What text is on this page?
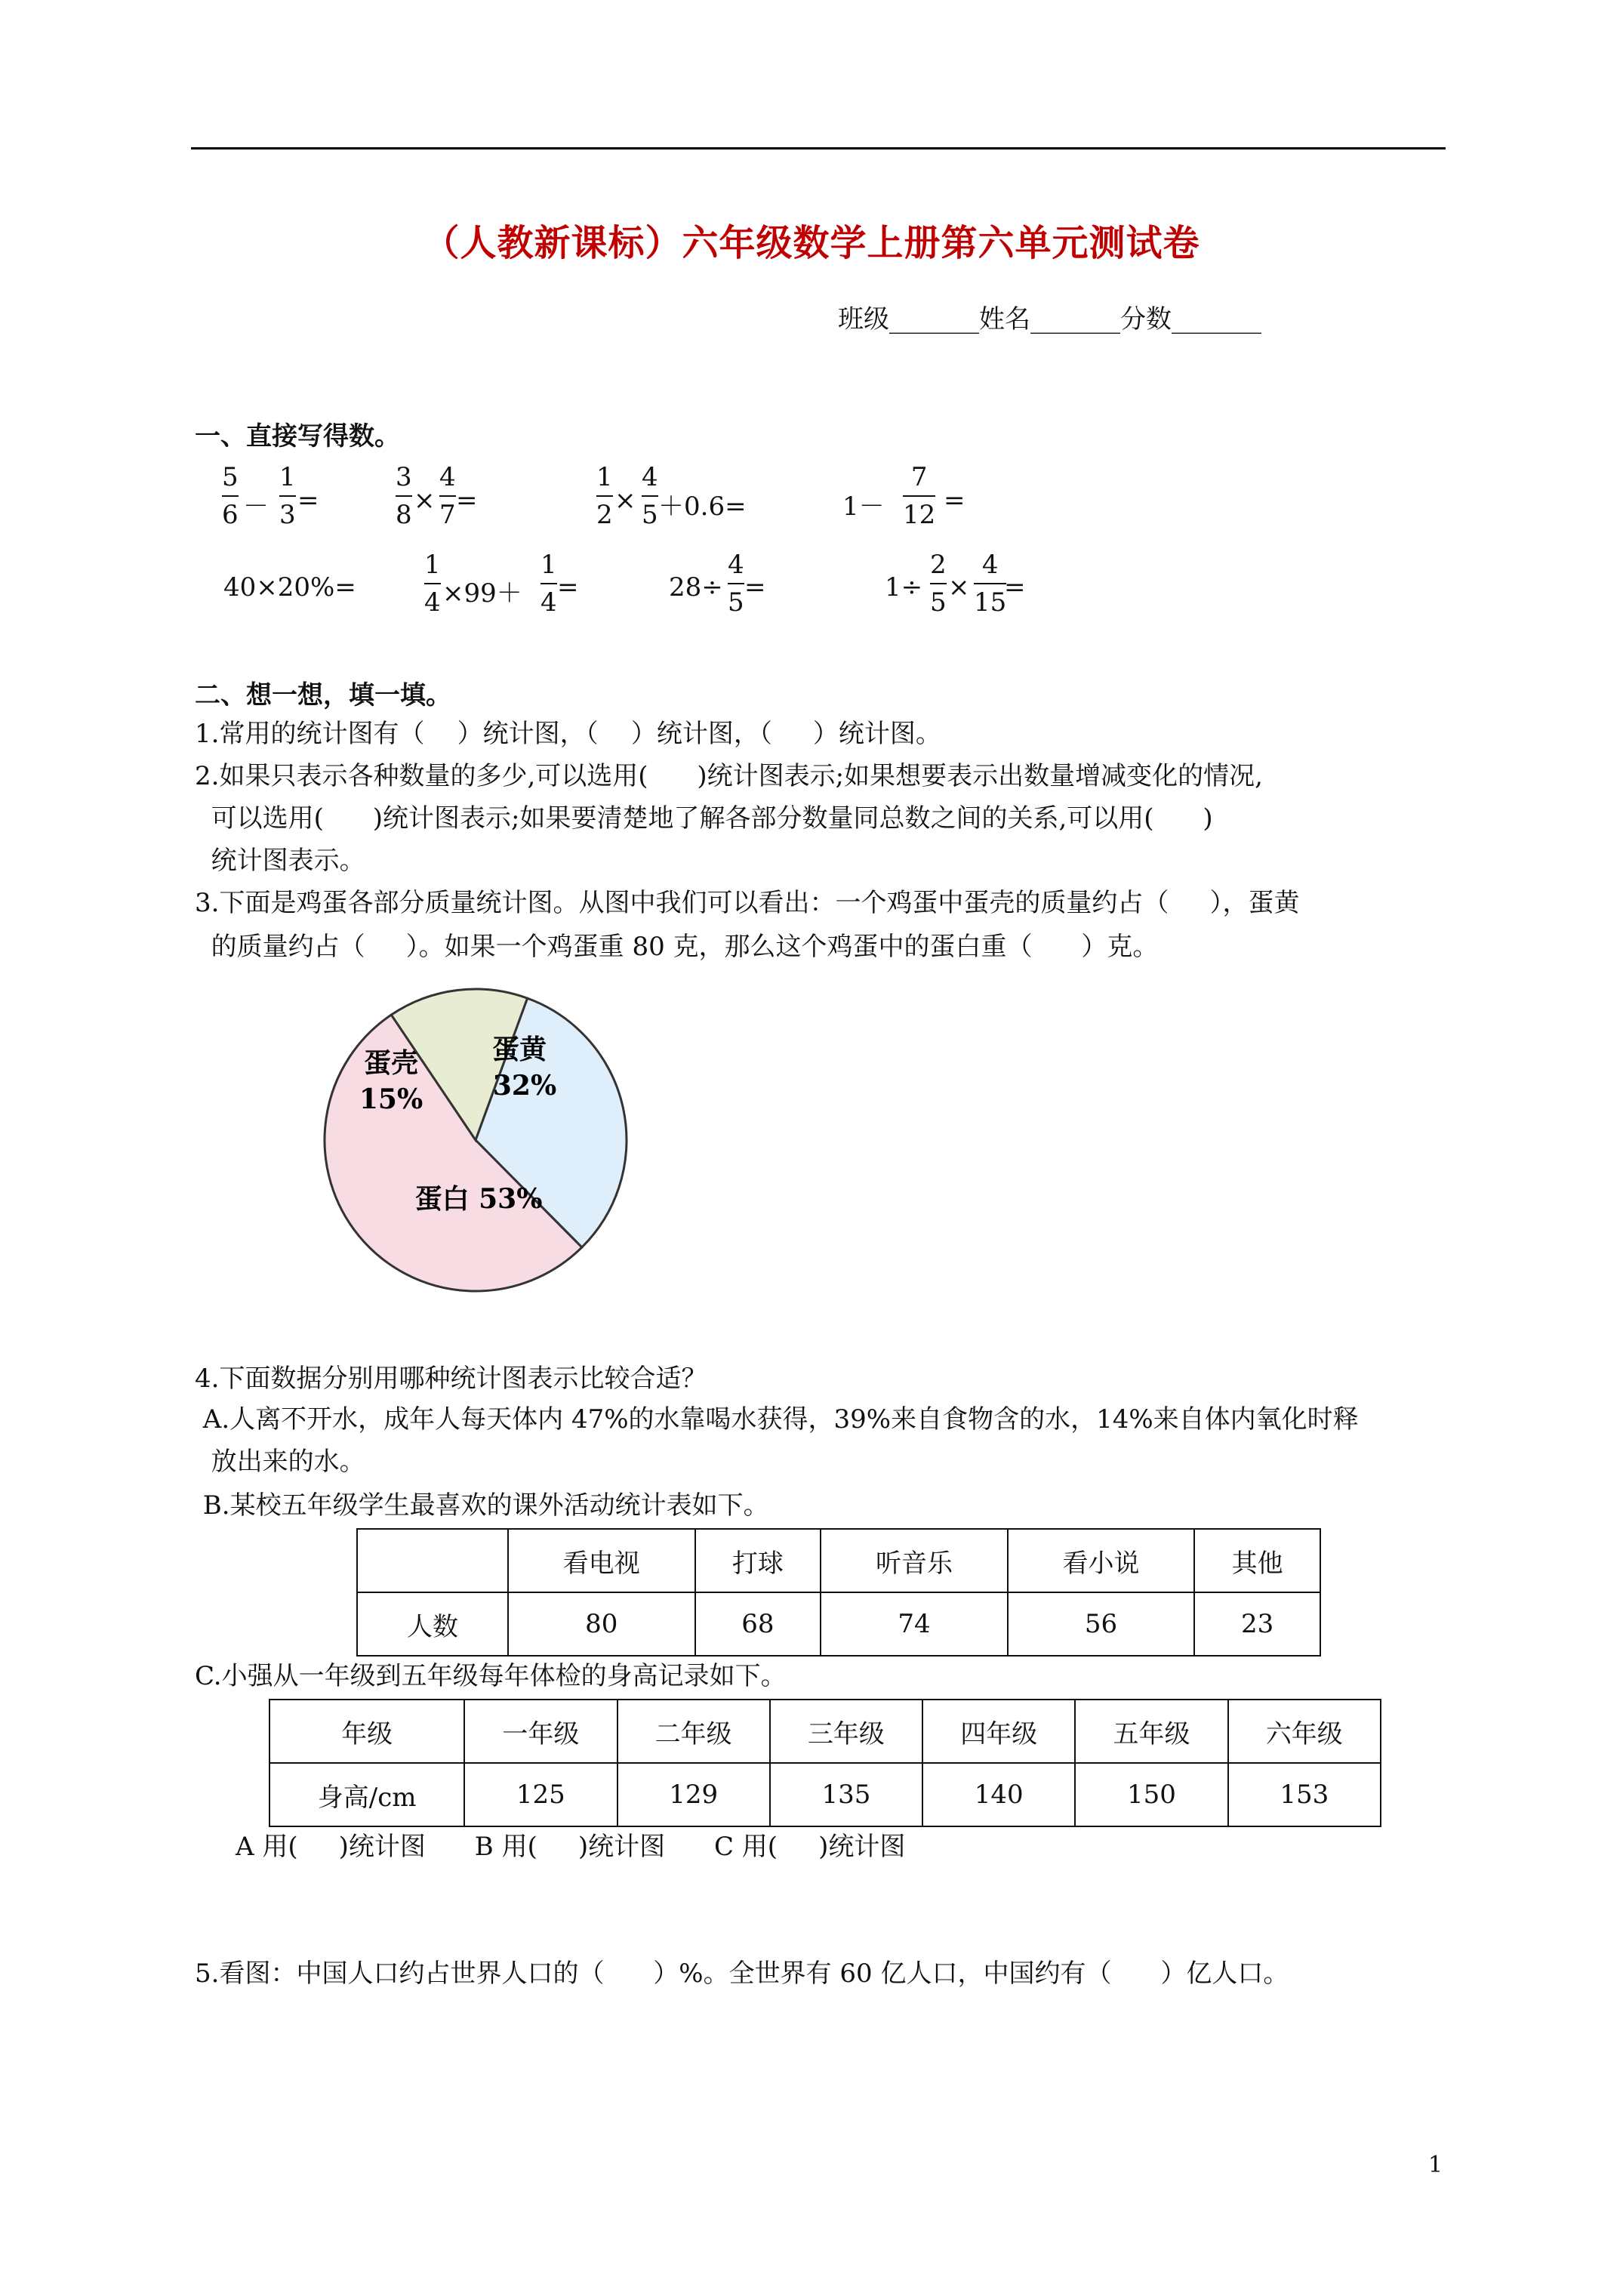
（人教新课标）六年级数学上册第六单元测试卷
班级_______姓名_______分数_______
一、直接写得数。
5
6 －
1
3 =
3
8 ×
4
7 =
1
2 ×
4
5 ＋0.6=	1－
7
12 =
40×20%=
1
4 ×99＋
1
4 =	28÷
4
5 =	1÷
2
5 ×
4
15
=
二、想一想，填一填。
1.常用的统计图有（    ）统计图，（    ）统计图，（     ）统计图。
2.如果只表示各种数量的多少,可以选用(      )统计图表示;如果想要表示出数量增减变化的情况,
可以选用(      )统计图表示;如果要清楚地了解各部分数量同总数之间的关系,可以用(      )
统计图表示。
3.下面是鸡蛋各部分质量统计图。从图中我们可以看出：一个鸡蛋中蛋壳的质量约占（     ），蛋黄
的质量约占（     ）。如果一个鸡蛋重 80 克，那么这个鸡蛋中的蛋白重（      ）克。
蛋黄
32%
蛋壳
15%
蛋白 53%
4.下面数据分别用哪种统计图表示比较合适？
A.人离不开水，成年人每天体内 47%的水靠喝水获得，39%来自食物含的水，14%来自体内氧化时释
放出来的水。
B.某校五年级学生最喜欢的课外活动统计表如下。
	看电视	打球	听音乐	看小说	其他
人数	80	68	74	56	23
C.小强从一年级到五年级每年体检的身高记录如下。
年级	一年级	二年级	三年级	四年级	五年级	六年级
身高/cm	125	129	135	140	150	153
A 用(     )统计图      B 用(     )统计图      C 用(     )统计图
5.看图：中国人口约占世界人口的（      ）%。全世界有 60 亿人口，中国约有（      ）亿人口。
1
